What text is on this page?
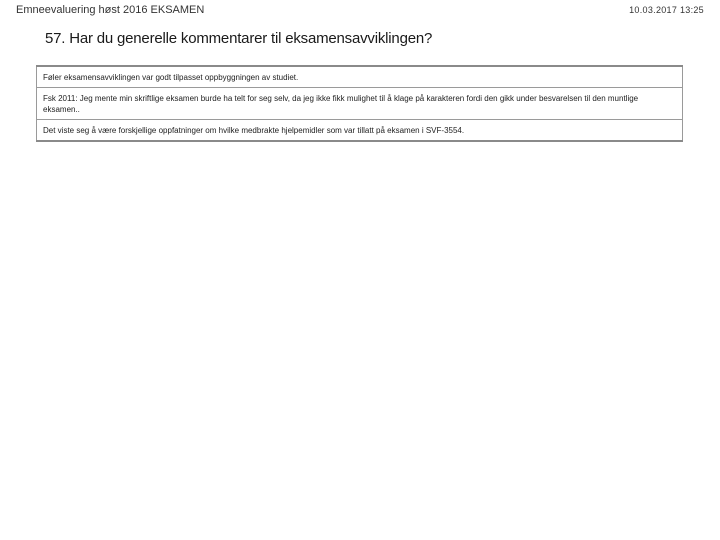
Emneevaluering høst 2016 EKSAMEN	10.03.2017 13:25
57. Har du generelle kommentarer til eksamensavviklingen?
Føler eksamensavviklingen var godt tilpasset oppbyggningen av studiet.
Fsk 2011: Jeg mente min skriftlige eksamen burde ha telt for seg selv, da jeg ikke fikk mulighet til å klage på karakteren fordi den gikk under besvarelsen til den muntlige eksamen..
Det viste seg å være forskjellige oppfatninger om hvilke medbrakte hjelpemidler som var tillatt på eksamen i SVF-3554.
